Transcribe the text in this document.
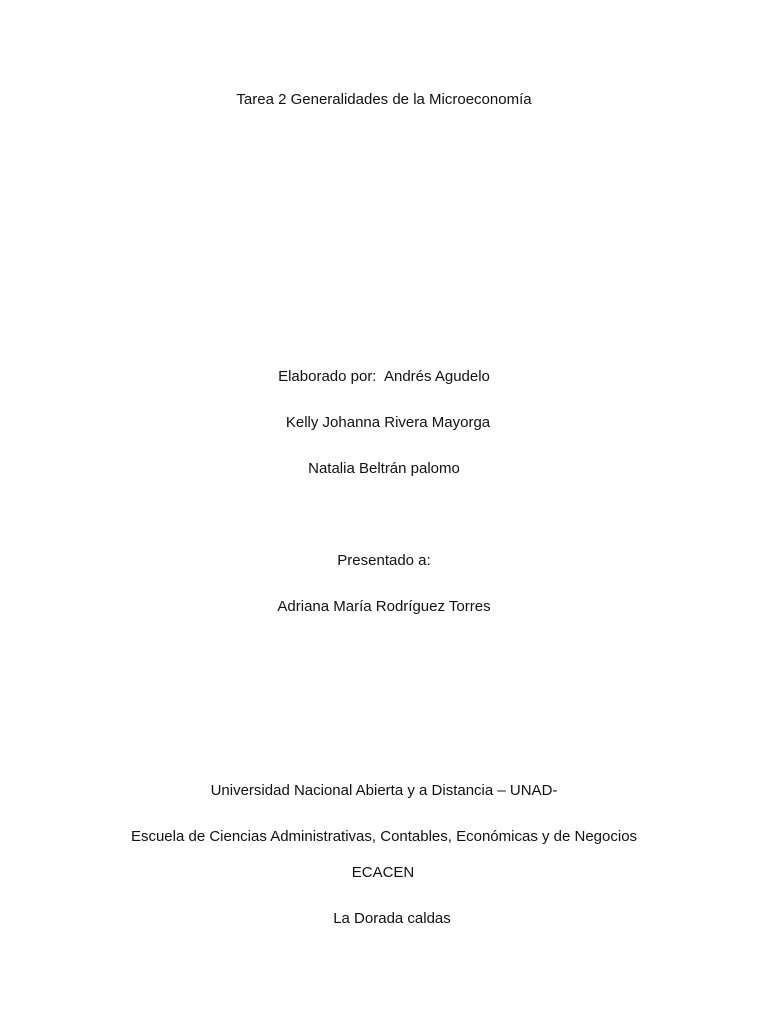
Tarea 2 Generalidades de la Microeconomía
Elaborado por:  Andrés Agudelo
Kelly Johanna Rivera Mayorga
Natalia Beltrán palomo
Presentado a:
Adriana María Rodríguez Torres
Universidad Nacional Abierta y a Distancia – UNAD-
Escuela de Ciencias Administrativas, Contables, Económicas y de Negocios
ECACEN
La Dorada caldas
